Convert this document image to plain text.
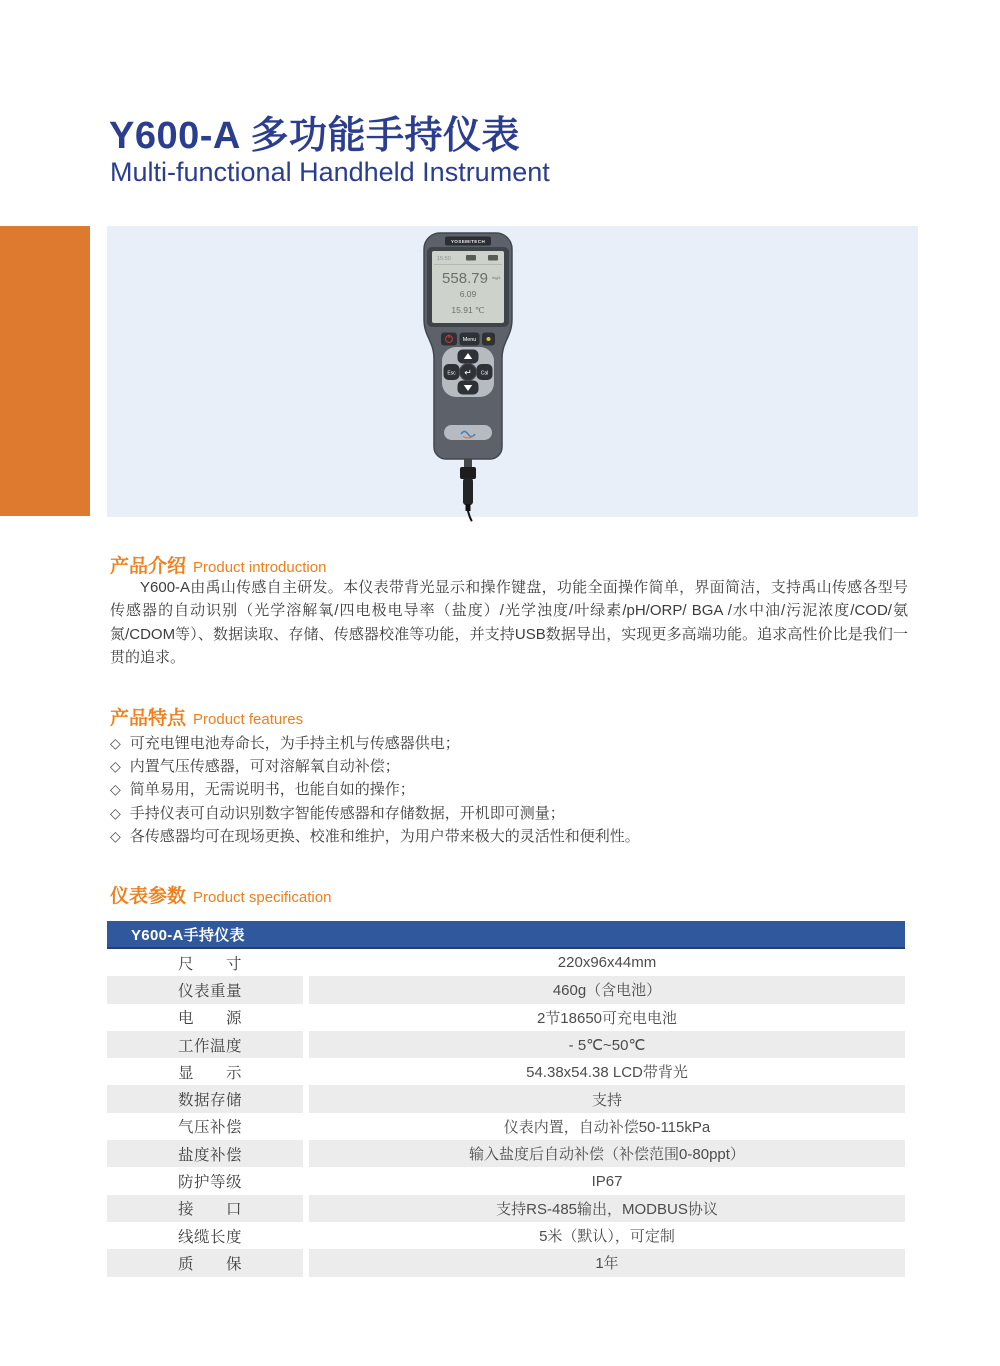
Y600-A 多功能手持仪表
Multi-functional Handheld Instrument
YOSEMITECH
15:50
558.79 mg/L
6.09
15.91 ℃
Menu
Esc	Cal
↵
产品介绍 Product introduction
Y600-A由禹山传感自主研发。本仪表带背光显示和操作键盘，功能全面操作简单，界面简洁，支持禹山传感各型号传感器的自动识别（光学溶解氧/四电极电导率（盐度）/光学浊度/叶绿素/pH/ORP/ BGA /水中油/污泥浓度/COD/氨氮/CDOM等）、数据读取、存储、传感器校准等功能，并支持USB数据导出，实现更多高端功能。追求高性价比是我们一贯的追求。
产品特点 Product features
◇ 可充电锂电池寿命长，为手持主机与传感器供电；
◇ 内置气压传感器，可对溶解氧自动补偿；
◇ 简单易用，无需说明书，也能自如的操作；
◇ 手持仪表可自动识别数字智能传感器和存储数据，开机即可测量；
◇ 各传感器均可在现场更换、校准和维护，为用户带来极大的灵活性和便利性。
仪表参数 Product specification
Y600-A手持仪表
尺　　寸	220x96x44mm
仪表重量	460g（含电池）
电　　源	2节18650可充电电池
工作温度	- 5℃~50℃
显　　示	54.38x54.38 LCD带背光
数据存储	支持
气压补偿	仪表内置，自动补偿50-115kPa
盐度补偿	输入盐度后自动补偿（补偿范围0-80ppt）
防护等级	IP67
接　　口	支持RS-485输出，MODBUS协议
线缆长度	5米（默认），可定制
质　　保	1年
